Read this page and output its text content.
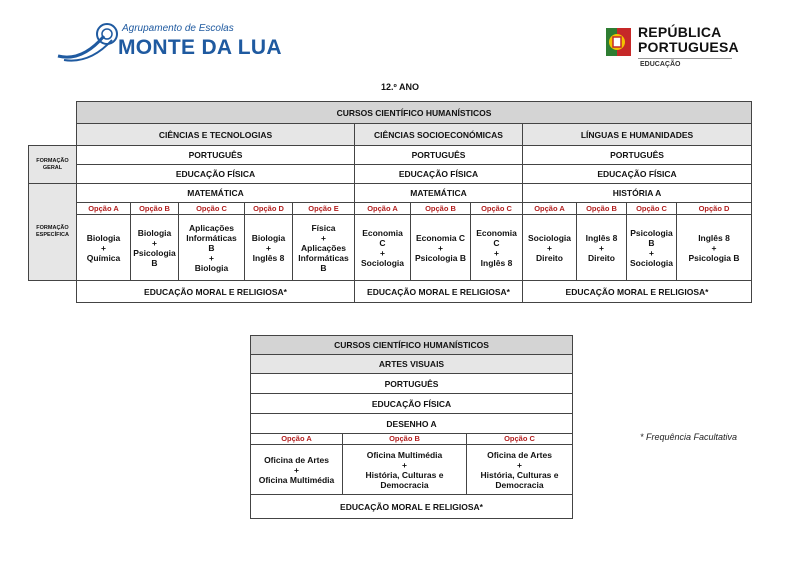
Agrupamento de Escolas
MONTE DA LUA
REPÚBLICA
PORTUGUESA
EDUCAÇÃO
12.º ANO
	CURSOS CIENTÍFICO HUMANÍSTICOS											
	CIÊNCIAS E TECNOLOGIAS					CIÊNCIAS SOCIOECONÓMICAS			LÍNGUAS E HUMANIDADES			
FORMAÇÃO GERAL	PORTUGUÊS					PORTUGUÊS			PORTUGUÊS			
	EDUCAÇÃO FÍSICA					EDUCAÇÃO FÍSICA			EDUCAÇÃO FÍSICA			
FORMAÇÃO ESPECÍFICA	MATEMÁTICA					MATEMÁTICA			HISTÓRIA A			
	Opção A	Opção B	Opção C	Opção D	Opção E	Opção A	Opção B	Opção C	Opção A	Opção B	Opção C	Opção D

	Biologia
+
Química	Biologia
+
Psicologia
B	Aplicações
Informáticas
B
+
Biologia	Biologia
+
Inglês 8	Física
+
Aplicações
Informáticas
B	Economia
C
+
Sociologia	Economia C
+
Psicologia B	Economia
C
+
Inglês 8	Sociologia
+
Direito	Inglês 8
+
Direito	Psicologia
B
+
Sociologia	Inglês 8
+
Psicologia B

	EDUCAÇÃO MORAL E RELIGIOSA*					EDUCAÇÃO MORAL E RELIGIOSA*			EDUCAÇÃO MORAL E RELIGIOSA*			
CURSOS CIENTÍFICO HUMANÍSTICOS		
ARTES VISUAIS		
PORTUGUÊS		
EDUCAÇÃO FÍSICA		
DESENHO A		
Opção A	Opção B	Opção C

Oficina de Artes
+
Oficina Multimédia	Oficina Multimédia
+
História, Culturas e
Democracia	Oficina de Artes
+
História, Culturas e
Democracia

EDUCAÇÃO MORAL E RELIGIOSA*		
* Frequência Facultativa
